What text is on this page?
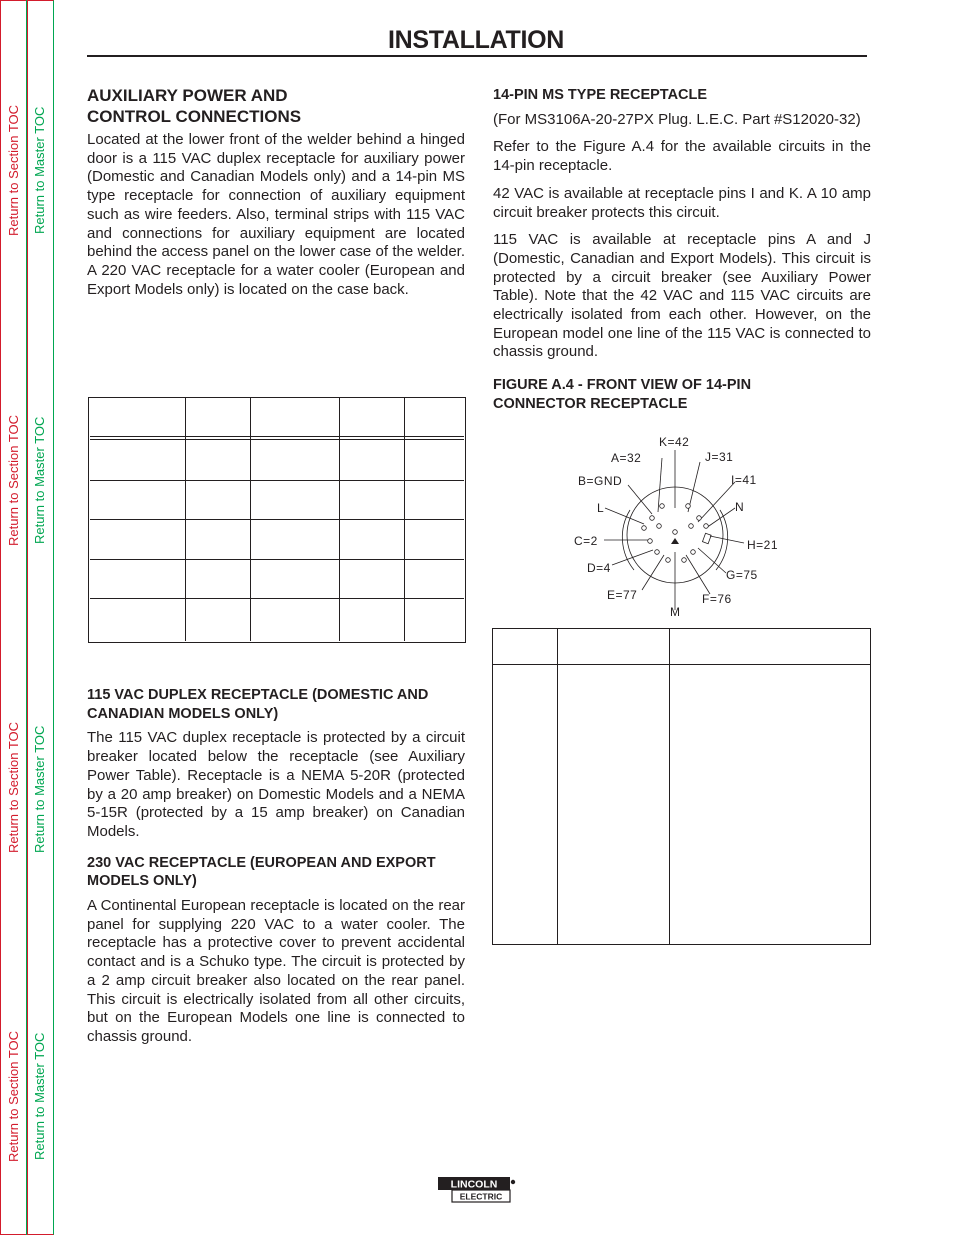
Return to Section TOC Return to Master TOC
Return to Section TOC Return to Master TOC
Return to Section TOC Return to Master TOC
Return to Section TOC Return to Master TOC
INSTALLATION
AUXILIARY POWER AND
CONTROL CONNECTIONS

Located at the lower front of the welder behind a hinged door is a 115 VAC duplex receptacle for auxiliary power (Domestic and Canadian Models only) and a 14-pin MS type receptacle for connection of auxiliary equipment such as wire feeders. Also, terminal strips with 115 VAC and connections for auxiliary equipment are located behind the access panel on the lower case of the welder. A 220 VAC receptacle for a water cooler (European and Export Models only) is located on the case back.

115 VAC DUPLEX RECEPTACLE (DOMESTIC AND CANADIAN MODELS ONLY)

The 115 VAC duplex receptacle is protected by a circuit breaker located below the receptacle (see Auxiliary Power Table). Receptacle is a NEMA 5-20R (protected by a 20 amp breaker) on Domestic Models and a NEMA 5-15R (protected by a 15 amp breaker) on Canadian Models.

230 VAC RECEPTACLE (EUROPEAN AND EXPORT MODELS ONLY)

A Continental European receptacle is located on the rear panel for supplying 220 VAC to a water cooler. The receptacle has a protective cover to prevent accidental contact and is a Schuko type. The circuit is protected by a 2 amp circuit breaker also located on the rear panel. This circuit is electrically isolated from all other circuits, but on the European Models one line is connected to chassis ground.

14-PIN MS TYPE RECEPTACLE

(For MS3106A-20-27PX Plug. L.E.C. Part #S12020-32)

Refer to the Figure A.4 for the available circuits in the 14-pin receptacle.

42 VAC is available at receptacle pins I and K. A 10 amp circuit breaker protects this circuit.

115 VAC is available at receptacle pins A and J (Domestic, Canadian and Export Models). This circuit is protected by a circuit breaker (see Auxiliary Power Table). Note that the 42 VAC and 115 VAC circuits are electrically isolated from each other. However, on the European model one line of the 115 VAC is connected to chassis ground.

FIGURE A.4 - FRONT VIEW OF 14-PIN
CONNECTOR RECEPTACLE
K=42
A=32	J=31
B=GND	I=41
L	N
C=2	H=21
D=4	G=75
E=77	F=76
M
LINCOLN
ELECTRIC
